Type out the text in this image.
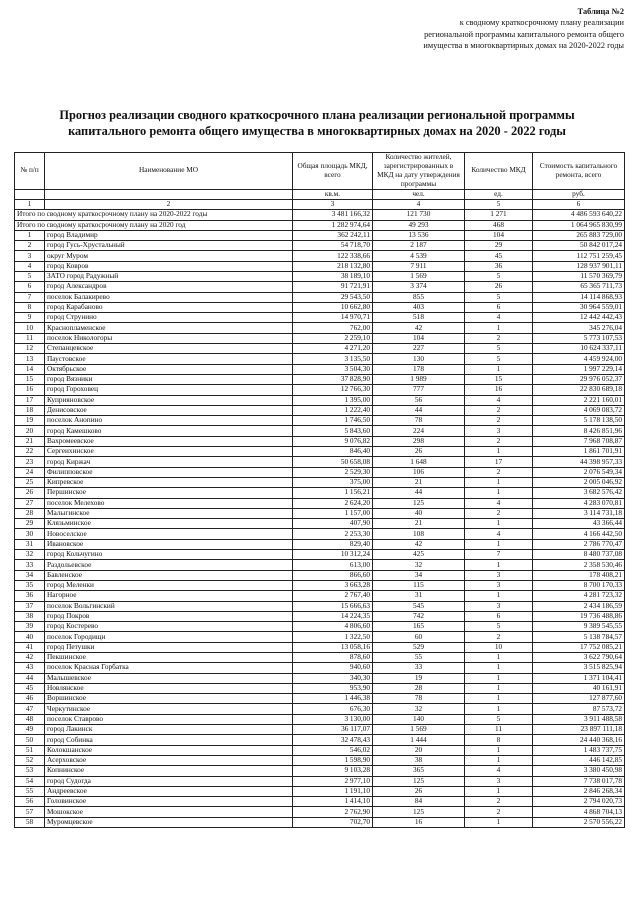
Таблица №2
к сводному краткосрочному плану реализации
региональной программы капитального ремонта общего
имущества в многоквартирных домах на 2020-2022 годы
Прогноз реализации сводного краткосрочного плана реализации региональной программы
капитального ремонта общего имущества в многоквартирных домах на 2020 - 2022 годы
№ п/п	Наименование МО	Общая площадь МКД, всего	Количество жителей, зарегистрированных в МКД на дату утверждения программы	Количество МКД	Стоимость капитального ремонта, всего
		кв.м.	чел.	ед.	руб.
1	2	3	4	5	6
Итого по сводному краткосрочному плану на 2020-2022 годы		3 481 166,32	121 730	1 271	4 486 593 640,22
Итого по сводному краткосрочному плану на 2020 год		1 282 974,64	49 293	468	1 064 965 830,99
1	город Владимир	362 242,11	13 536	104	265 883 729,00
2	город Гусь-Хрустальный	54 718,70	2 187	29	50 842 017,24
3	округ Муром	122 338,66	4 539	45	112 751 259,45
4	город Ковров	218 132,80	7 911	36	128 937 901,11
5	ЗАТО город Радужный	38 189,10	1 569	5	11 570 369,79
6	город Александров	91 721,91	3 374	26	65 365 711,73
7	поселок Балакирево	29 543,50	855	5	14 114 868,93
8	город Карабаново	10 662,80	403	6	30 964 559,01
9	город Струнино	14 970,71	518	4	12 442 442,43
10	Краснопламенское	762,00	42	1	345 276,04
11	поселок Никологоры	2 259,10	104	2	5 773 107,53
12	Степанцевское	4 271,20	227	5	10 624 337,11
13	Паустовское	3 135,50	130	5	4 459 924,00
14	Октябрьское	3 504,30	178	1	1 997 229,14
15	город Вязники	37 828,90	1 989	15	29 976 052,37
16	город Гороховец	12 766,30	777	16	22 830 689,18
17	Куприяновское	1 395,00	56	4	2 221 160,01
18	Денисовское	1 222,40	44	2	4 069 083,72
19	поселок Анопино	1 746,50	78	2	5 178 138,50
20	город Камешково	5 843,60	224	3	8 426 851,96
21	Вахромеевское	9 076,82	298	2	7 968 708,87
22	Сергеихинское	846,40	26	1	1 861 701,91
23	город Киржач	50 658,08	1 648	17	44 398 957,33
24	Филипповское	2 529,30	106	2	2 076 549,34
25	Кипревское	375,00	21	1	2 005 046,92
26	Першинское	1 156,21	44	1	3 682 576,42
27	поселок Мелехово	2 624,20	125	4	4 283 070,81
28	Малыгинское	1 157,00	40	2	3 114 731,18
29	Клязьминское	407,90	21	1	43 366,44
30	Новоселское	2 253,30	108	4	4 166 442,50
31	Ивановское	829,40	42	1	2 786 770,47
32	город Кольчугино	10 312,24	425	7	8 480 737,08
33	Раздольевское	613,00	32	1	2 358 530,46
34	Бавленское	866,60	34	3	178 408,21
35	город Меленки	3 663,28	115	3	8 700 170,33
36	Нагорное	2 767,40	31	1	4 281 723,32
37	поселок Вольгинский	15 666,63	545	3	2 434 186,59
38	город Покров	14 224,35	742	6	19 736 488,86
39	город Костерево	4 806,60	165	5	9 389 545,55
40	поселок Городищи	1 322,50	60	2	5 138 784,57
41	город Петушки	13 058,16	529	10	17 752 085,21
42	Пекшинское	878,60	55	1	3 622 790,64
43	поселок Красная Горбатка	940,60	33	1	3 515 825,94
44	Малышевское	340,30	19	1	1 371 104,41
45	Новлянское	953,90	28	1	40 161,91
46	Воршинское	1 446,38	78	1	127 877,60
47	Черкутинское	676,30	32	1	87 573,72
48	поселок Ставрово	3 130,00	140	5	3 911 488,58
49	город Лакинск	36 117,07	1 569	11	23 897 111,18
50	город Собинка	32 478,43	1 444	8	24 440 368,16
51	Колокшанское	546,02	20	1	1 483 737,75
52	Асерховское	1 598,90	38	1	446 142,85
53	Копнинское	9 103,28	365	4	3 380 450,98
54	город Судогда	2 977,10	125	3	7 738 017,78
55	Андреевское	1 191,10	26	1	2 846 268,34
56	Головинское	1 414,10	84	2	2 794 020,73
57	Мошокское	2 762,90	125	2	4 868 704,13
58	Муромцевское	702,70	16	1	2 570 556,22
